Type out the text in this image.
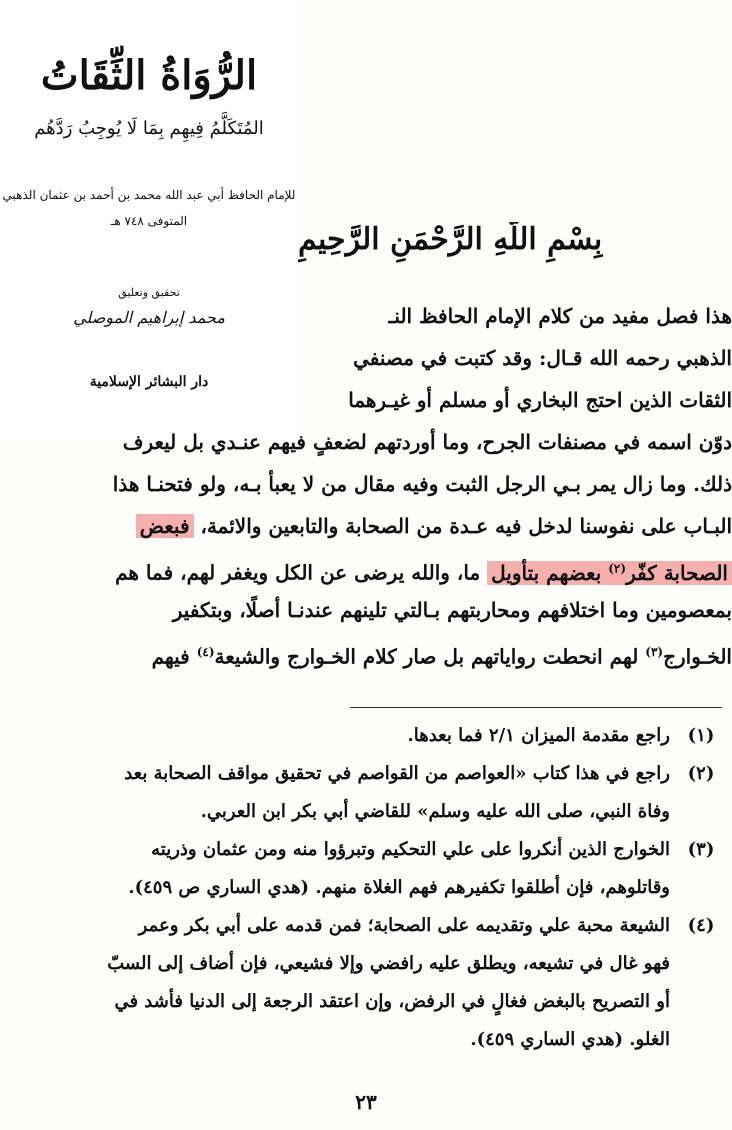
الرُّوَاةُ الثِّقَاتُ
المُتَكَلَّمُ فِيهِم بِمَا لَا يُوجِبُ رَدَّهُم
للإمام الحافظ أبي عبد الله محمد بن أحمد بن عثمان الذهبي
المتوفى ٧٤٨ هـ
تحقيق وتعليق
محمد إبراهيم الموصلي
دار البشائر الإسلامية
بِسْمِ اللَّهِ الرَّحْمَنِ الرَّحِيمِ
هذا فصل مفيد من كلام الإمام الحافظ النـ
الذهبي رحمه الله قـال: وقد كتبت في مصنفي
الثقات الذين احتج البخاري أو مسلم أو غيـرهما
دوّن اسمه في مصنفات الجرح، وما أوردتهم لضعفٍ فيهم عنـدي بل ليعرف
ذلك. وما زال يمر بـي الرجل الثبت وفيه مقال من لا يعبأ بـه، ولو فتحنـا هذا
البـاب على نفوسنا لدخل فيه عـدة من الصحابة والتابعين والائمة، فبعض
الصحابة كفّر$^{(٢)}$ بعضهم بتأويل ما، والله يرضى عن الكل ويغفر لهم، فما هم
بمعصومين وما اختلافهم ومحاربتهم بـالتي تلينهم عندنـا أصلًا، وبتكفير
الخـوارج$^{(٣)}$ لهم انحطت رواياتهم بل صار كلام الخـوارج والشيعة$^{(٤)}$ فيهم
(١)
راجع مقدمة الميزان ٢/١ فما بعدها.
(٢)
راجع في هذا كتاب «العواصم من القواصم في تحقيق مواقف الصحابة بعد
وفاة النبي، صلى الله عليه وسلم» للقاضي أبي بكر ابن العربي.
(٣)
الخوارج الذين أنكروا على علي التحكيم وتبرؤوا منه ومن عثمان وذريته
وقاتلوهم، فإن أطلقوا تكفيرهم فهم الغلاة منهم. (هدي الساري ص ٤٥٩).
(٤)
الشيعة محبة علي وتقديمه على الصحابة؛ فمن قدمه على أبي بكر وعمر
فهو غال في تشيعه، ويطلق عليه رافضي وإلا فشيعي، فإن أضاف إلى السبّ
أو التصريح بالبغض فغالٍ في الرفض، وإن اعتقد الرجعة إلى الدنيا فأشد في
الغلو. (هدي الساري ٤٥٩).
٢٣
